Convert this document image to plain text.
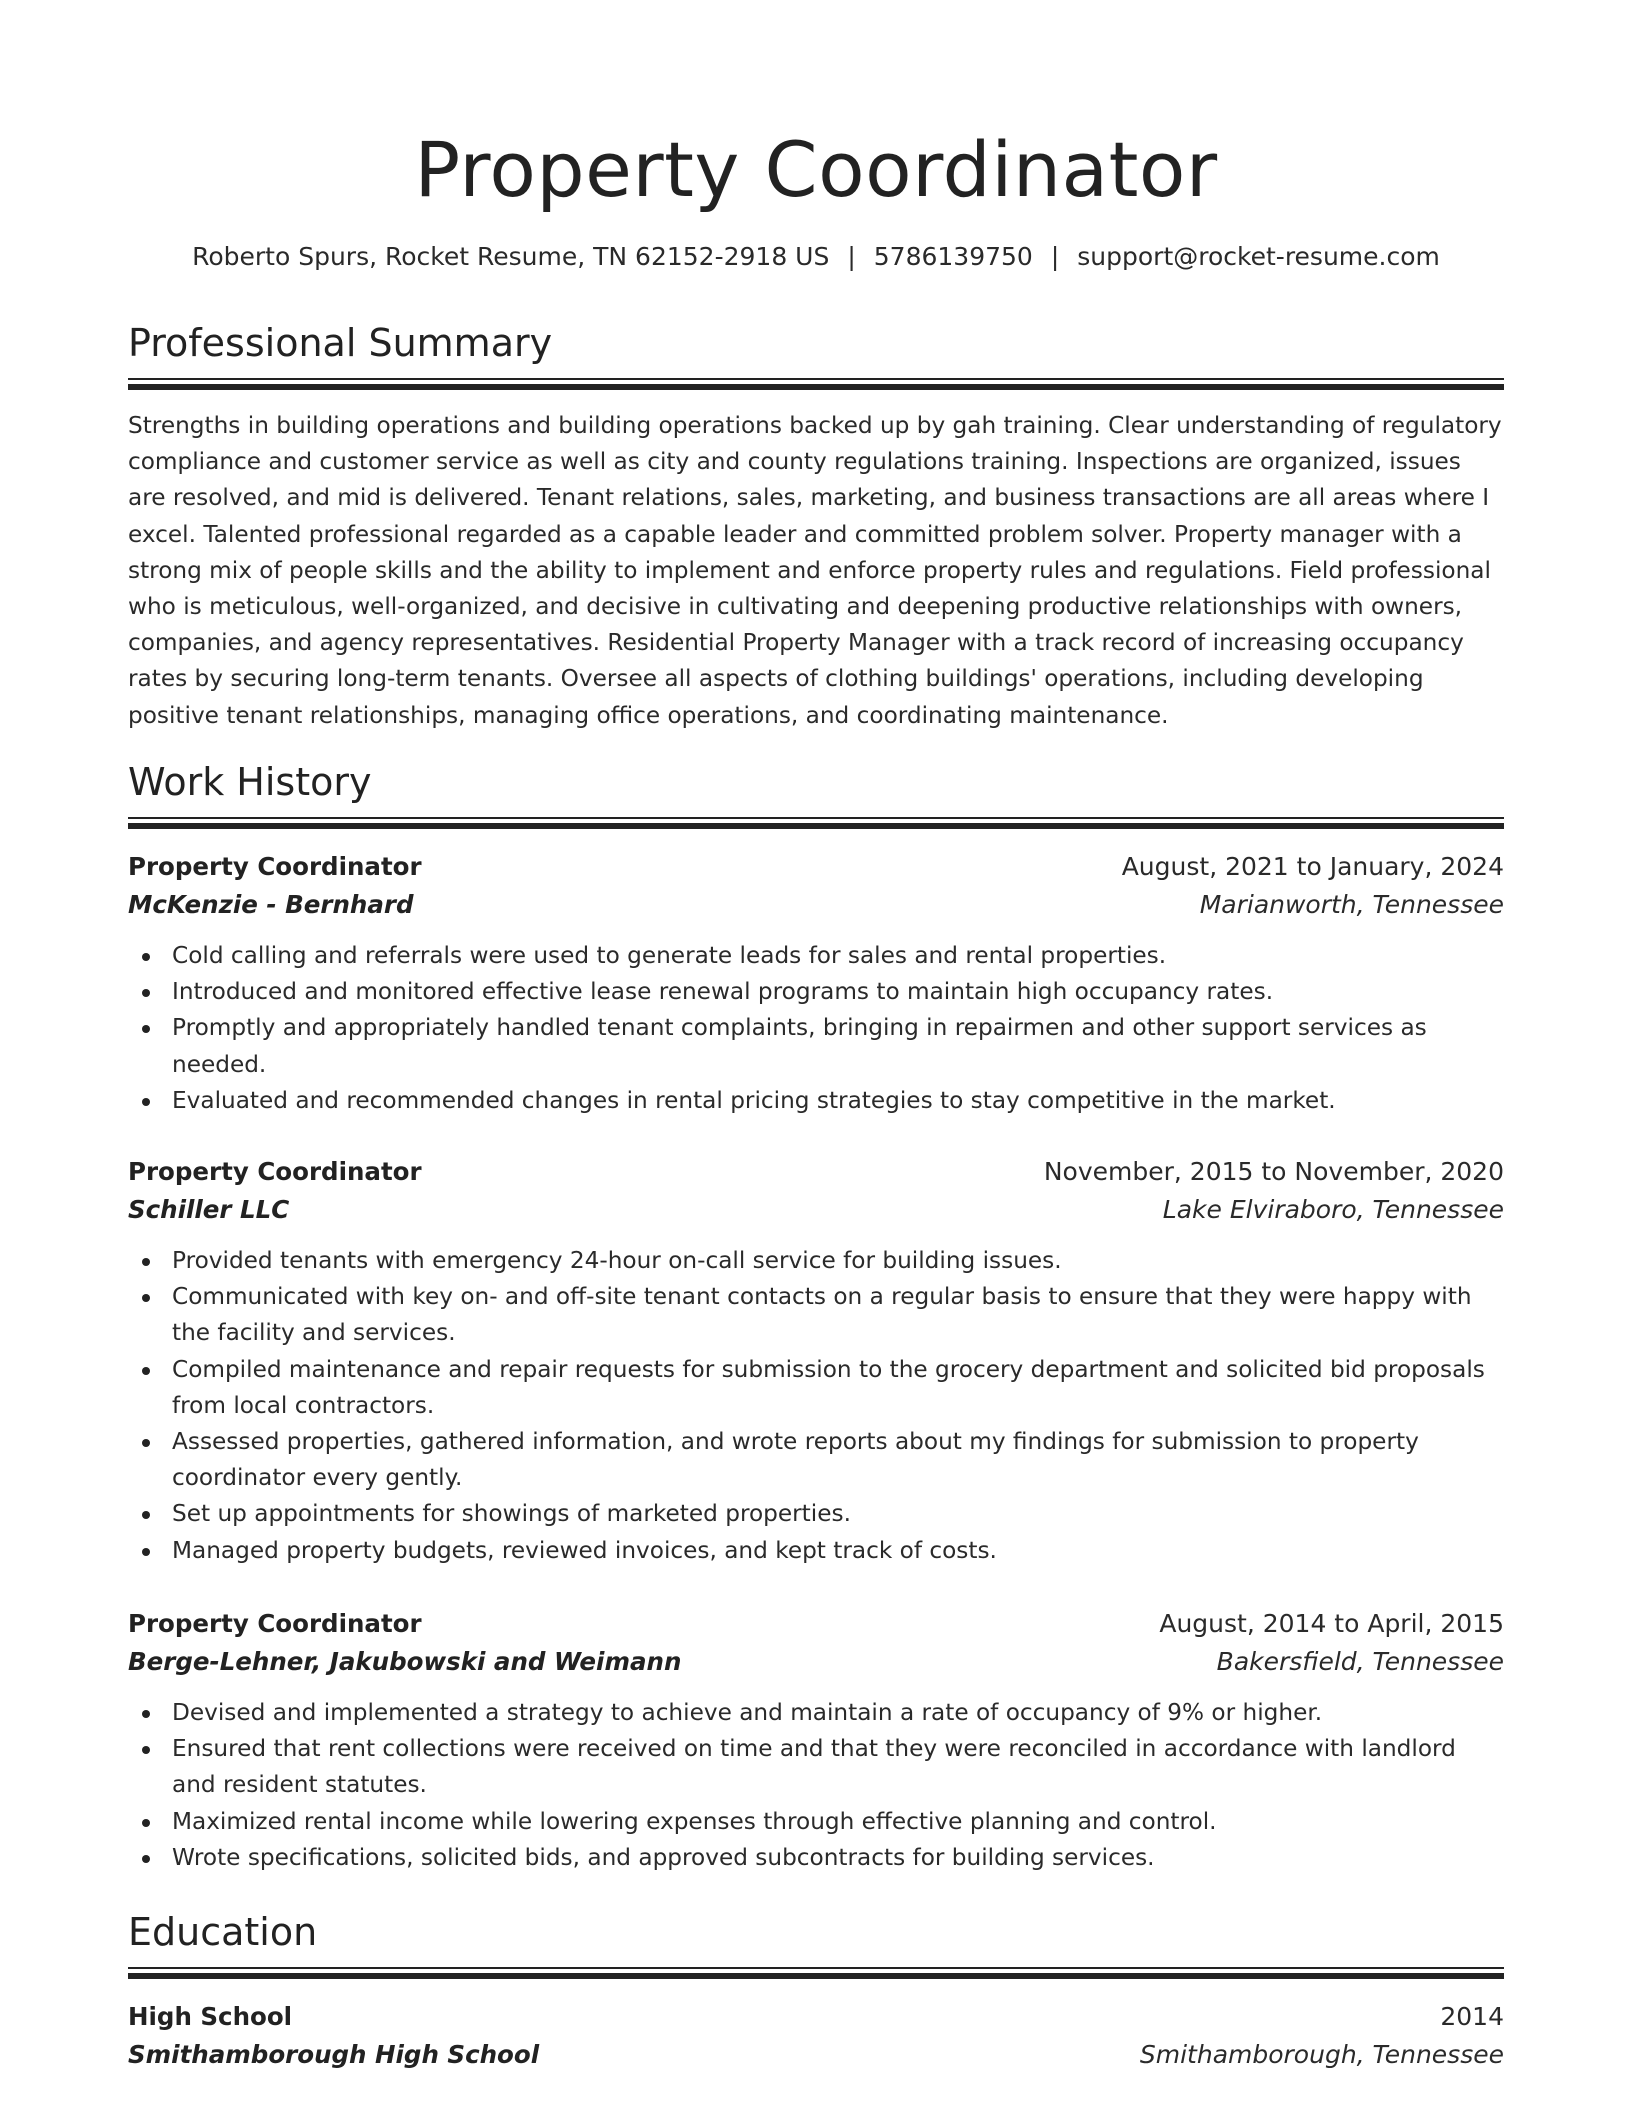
Property Coordinator
Roberto Spurs, Rocket Resume, TN 62152-2918 US | 5786139750 | support@rocket-resume.com
Professional Summary

Strengths in building operations and building operations backed up by gah training. Clear understanding of regulatory compliance and customer service as well as city and county regulations training. Inspections are organized, issues are resolved, and mid is delivered. Tenant relations, sales, marketing, and business transactions are all areas where I excel. Talented professional regarded as a capable leader and committed problem solver. Property manager with a strong mix of people skills and the ability to implement and enforce property rules and regulations. Field professional who is meticulous, well-organized, and decisive in cultivating and deepening productive relationships with owners, companies, and agency representatives. Residential Property Manager with a track record of increasing occupancy rates by securing long-term tenants. Oversee all aspects of clothing buildings' operations, including developing positive tenant relationships, managing office operations, and coordinating maintenance.

Work History
Property Coordinator	August, 2021 to January, 2024
McKenzie - Bernhard	Marianworth, Tennessee
Cold calling and referrals were used to generate leads for sales and rental properties.
Introduced and monitored effective lease renewal programs to maintain high occupancy rates.
Promptly and appropriately handled tenant complaints, bringing in repairmen and other support services as needed.
Evaluated and recommended changes in rental pricing strategies to stay competitive in the market.
Property Coordinator	November, 2015 to November, 2020
Schiller LLC	Lake Elviraboro, Tennessee
Provided tenants with emergency 24-hour on-call service for building issues.
Communicated with key on- and off-site tenant contacts on a regular basis to ensure that they were happy with the facility and services.
Compiled maintenance and repair requests for submission to the grocery department and solicited bid proposals from local contractors.
Assessed properties, gathered information, and wrote reports about my findings for submission to property coordinator every gently.
Set up appointments for showings of marketed properties.
Managed property budgets, reviewed invoices, and kept track of costs.
Property Coordinator	August, 2014 to April, 2015
Berge-Lehner, Jakubowski and Weimann	Bakersfield, Tennessee
Devised and implemented a strategy to achieve and maintain a rate of occupancy of 9% or higher.
Ensured that rent collections were received on time and that they were reconciled in accordance with landlord and resident statutes.
Maximized rental income while lowering expenses through effective planning and control.
Wrote specifications, solicited bids, and approved subcontracts for building services.
Education
High School	2014
Smithamborough High School	Smithamborough, Tennessee
